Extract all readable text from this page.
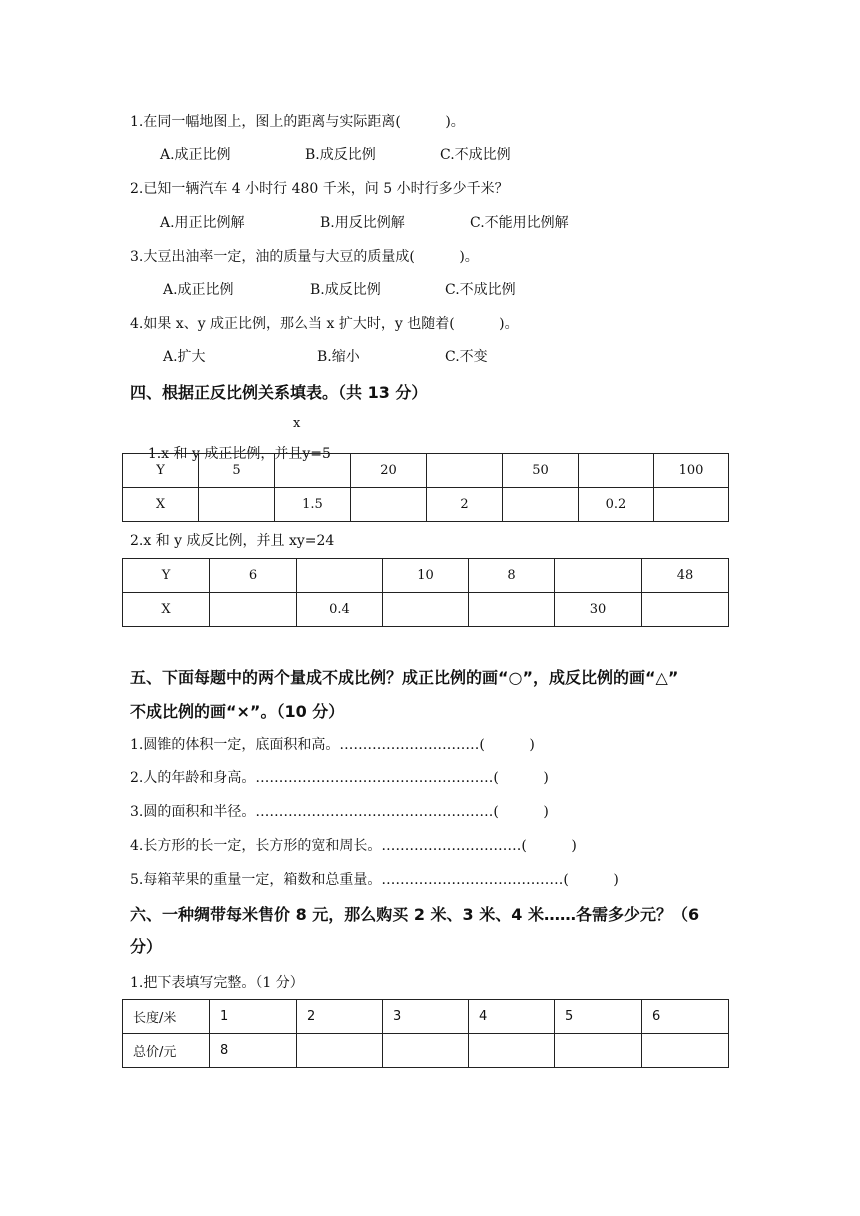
1.在同一幅地图上，图上的距离与实际距离(          )。
A.成正比例	B.成反比例	C.不成比例
2.已知一辆汽车 4 小时行 480 千米，问 5 小时行多少千米？
A.用正比例解	B.用反比例解	C.不能用比例解
3.大豆出油率一定，油的质量与大豆的质量成(          )。
A.成正比例	B.成反比例	C.不成比例
4.如果 x、y 成正比例，那么当 x 扩大时，y 也随着(          )。
A.扩大	B.缩小	C.不变
四、根据正反比例关系填表。（共 13 分）

1.x 和 y 成正比例，并且y=5

x
Y	5		20		50		100
X		1.5		2		0.2	
2.x 和 y 成反比例，并且 xy=24
Y	6		10	8		48
X		0.4			30	
五、下面每题中的两个量成不成比例？成正比例的画“○”，成反比例的画“△”
不成比例的画“×”。（10 分）
1.圆锥的体积一定，底面积和高。…………………………(          )
2.人的年龄和身高。……………………………………………(          )
3.圆的面积和半径。……………………………………………(          )
4.长方形的长一定，长方形的宽和周长。…………………………(          )
5.每箱苹果的重量一定，箱数和总重量。…………………………………(          )
六、一种绸带每米售价 8 元，那么购买 2 米、3 米、4 米……各需多少元？（6
分）
1.把下表填写完整。（1 分）
长度/米	1	2	3	4	5	6
总价/元	8					
